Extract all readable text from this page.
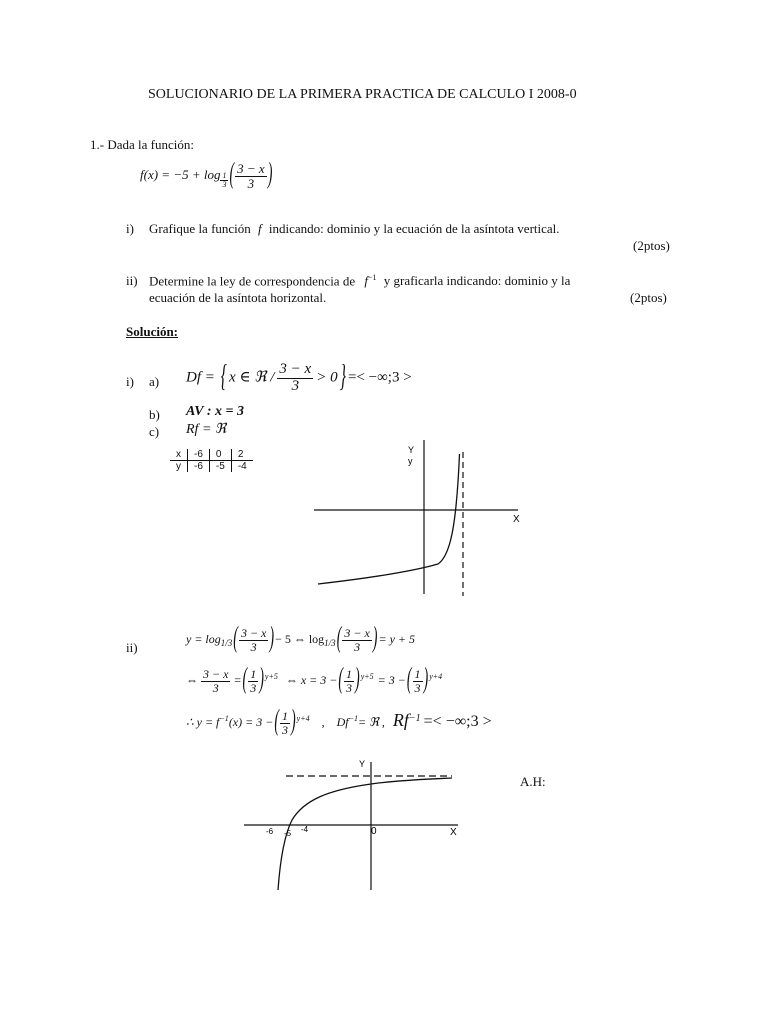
SOLUCIONARIO DE LA PRIMERA PRACTICA DE CALCULO I 2008-0
1.- Dada la función:
f(x) = −5 + log $_{\frac{1}{3}}$ ( $\frac{3 - x}{3}$ )
i) Grafique la función f indicando: dominio y la ecuación de la asíntota vertical.
(2ptos)
ii) Determine la ley de correspondencia de $f^{-1}$ y graficarla indicando: dominio y la
ecuación de la asíntota horizontal.	(2ptos)
Solución:
i) a) Df = { x ∈ ℜ / $\frac{3 - x}{3} > 0$ } =< −∞;3 >
b) AV : x = 3
c) Rf = ℜ
x	-6	0	2
y	-6	-5	-4
Y
y
X
ii)
$y = \log_{1/3}( \frac{3 - x}{3}$ )− 5 ⇔ $\log_{1/3}( \frac{3 - x}{3}$ )= y + 5
⇔ $\frac{3 - x}{3}$ =( $\frac{1}{3} )^{y+5}$ ⇔ x = 3 −( $\frac{1}{3} )^{y+5} = 3$ −( $\frac{1}{3} )^{y+4}$
∴ $y = f^{-1}(x) = 3$ −( $\frac{1}{3} )^{y+4}$ , $Df^{-1}=$ ℜ , $Rf^{-1}$ =< −∞;3 >
Y
X
0
-6 -5 -4
A.H:
